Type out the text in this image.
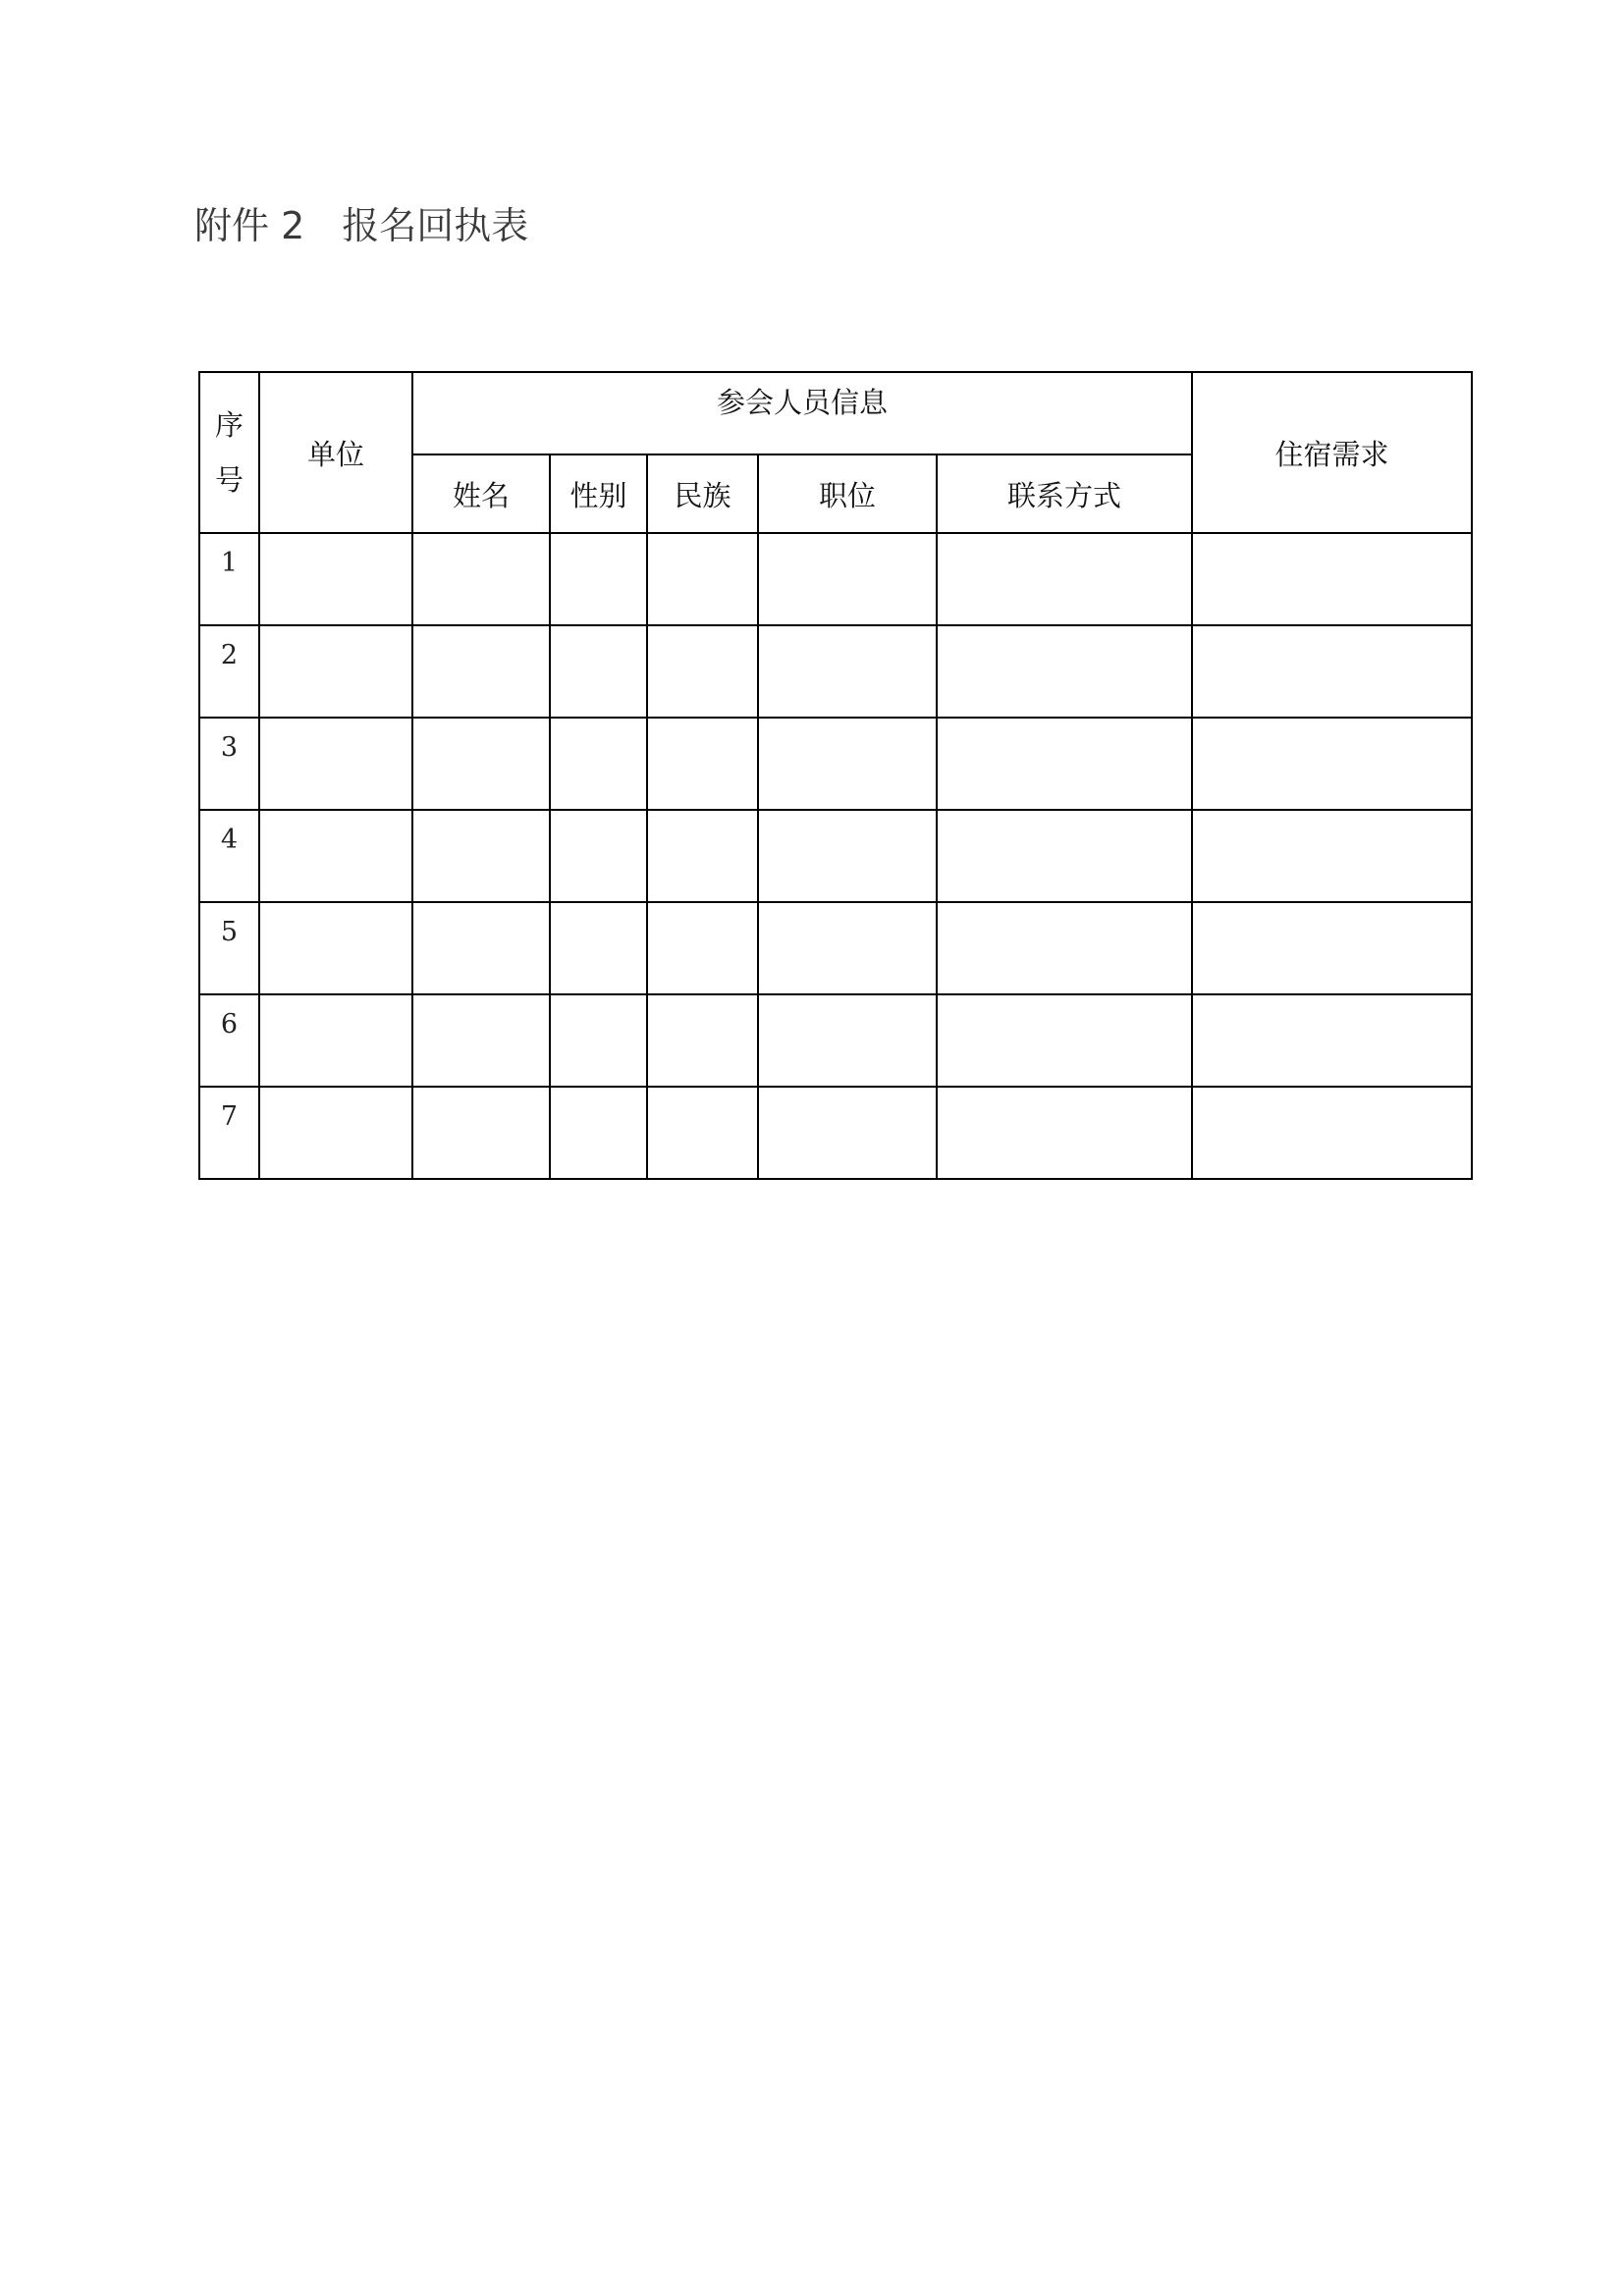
附件 2　报名回执表
序
号	单位	参会人员信息					住宿需求
		姓名	性别	民族	职位	联系方式	
1							
2							
3							
4							
5							
6							
7							
